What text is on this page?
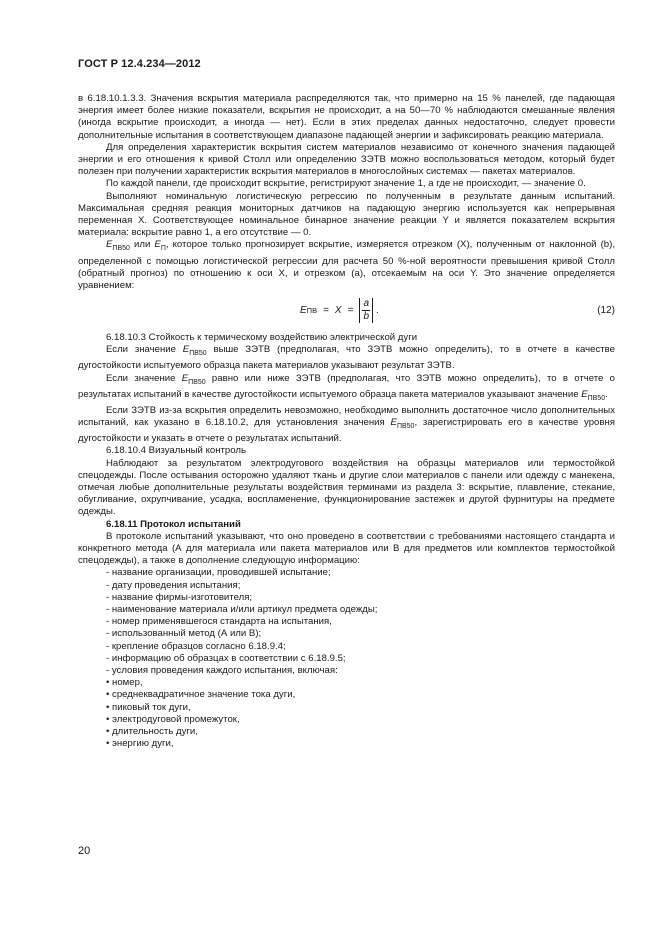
ГОСТ Р 12.4.234—2012

в 6.18.10.1.3.3. Значения вскрытия материала распределяются так, что примерно на 15 % панелей, где падающая энергия имеет более низкие показатели, вскрытия не происходит, а на 50—70 % наблюдаются смешанные явления (иногда вскрытие происходит, а иногда — нет). Если в этих пределах данных недостаточно, следует провести дополнительные испытания в соответствующем диапазоне падающей энергии и зафиксировать реакцию материала.

Для определения характеристик вскрытия систем материалов независимо от конечного значения падающей энергии и его отношения к кривой Столл или определению ЗЭТВ можно воспользоваться методом, который будет полезен при получении характеристик вскрытия материалов в многослойных системах — пакетах материалов.

По каждой панели, где происходит вскрытие, регистрируют значение 1, а где не происходит, — значение 0.

Выполняют номинальную логистическую регрессию по полученным в результате данным испытаний. Максимальная средняя реакция мониторных датчиков на падающую энергию используется как непрерывная переменная X. Соответствующее номинальное бинарное значение реакции Y и является показателем вскрытия материала: вскрытие равно 1, а его отсутствие — 0.

$E_{ПВ50}$ или $E_П$, которое только прогнозирует вскрытие, измеряется отрезком (X), полученным от наклонной (b), определенной с помощью логистической регрессии для расчета 50 %-ной вероятности превышения кривой Столл (обратный прогноз) по отношению к оси X, и отрезком (a), отсекаемым на оси Y. Это значение определяется уравнением:

E ПВ = $X = \frac{a}{b}$ .	(12)

6.18.10.3 Стойкость к термическому воздействию электрической дуги

Если значение $E_{ПВ50}$ выше ЗЭТВ (предполагая, что ЗЭТВ можно определить), то в отчете в качестве дугостойкости испытуемого образца пакета материалов указывают результат ЗЭТВ.

Если значение $E_{ПВ50}$ равно или ниже ЗЭТВ (предполагая, что ЗЭТВ можно определить), то в отчете о результатах испытаний в качестве дугостойкости испытуемого образца пакета материалов указывают значение $E_{ПВ50}$.

Если ЗЭТВ из-за вскрытия определить невозможно, необходимо выполнить достаточное число дополнительных испытаний, как указано в 6.18.10.2, для установления значения $E_{ПВ50}$, зарегистрировать его в качестве уровня дугостойкости и указать в отчете о результатах испытаний.

6.18.10.4 Визуальный контроль

Наблюдают за результатом электродугового воздействия на образцы материалов или термостойкой спецодежды. После остывания осторожно удаляют ткань и другие слои материалов с панели или одежду с манекена, отмечая любые дополнительные результаты воздействия терминами из раздела 3: вскрытие, плавление, стекание, обугливание, охрупчивание, усадка, воспламенение, функционирование застежек и другой фурнитуры на предмете одежды.

6.18.11 Протокол испытаний

В протоколе испытаний указывают, что оно проведено в соответствии с требованиями настоящего стандарта и конкретного метода (А для материала или пакета материалов или В для предметов или комплектов термостойкой спецодежды), а также в дополнение следующую информацию:

- название организации, проводившей испытание;
- дату проведения испытания;
- название фирмы-изготовителя;
- наименование материала и/или артикул предмета одежды;
- номер применявшегося стандарта на испытания,
- использованный метод (А или В);
- крепление образцов согласно 6.18.9.4;
- информацию об образцах в соответствии с 6.18.9.5;
- условия проведения каждого испытания, включая:
• номер,
• среднеквадратичное значение тока дуги,
• пиковый ток дуги,
• электродуговой промежуток,
• длительность дуги,
• энергию дуги,
20
